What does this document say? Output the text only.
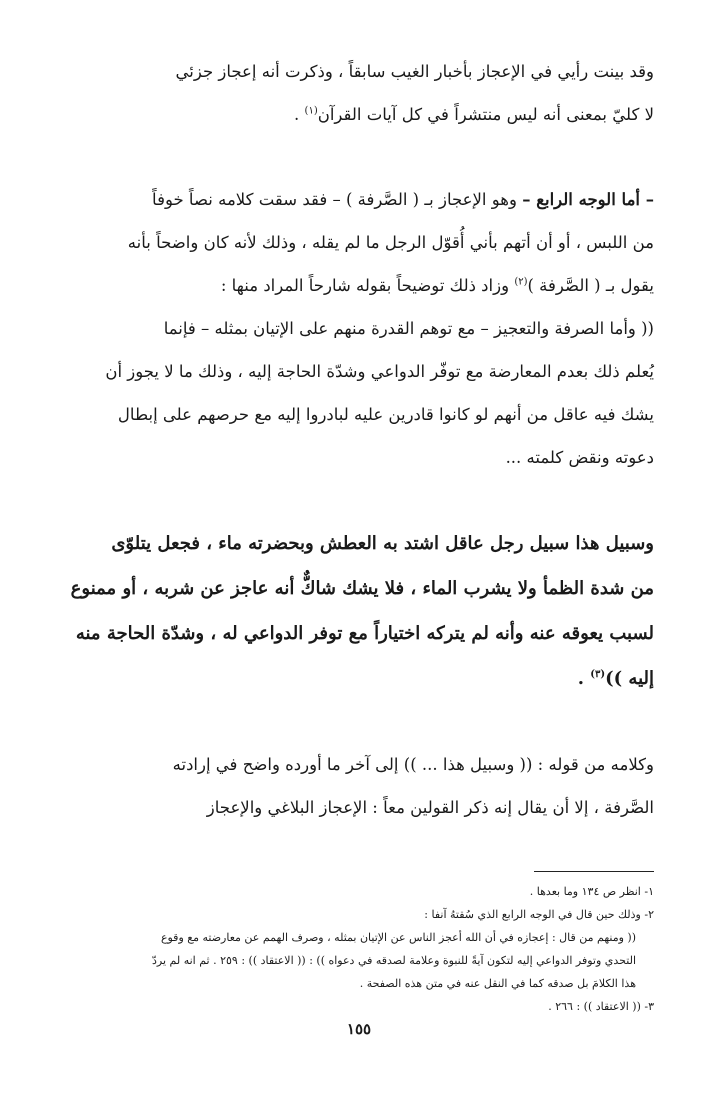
وقد بينت رأيي في الإعجاز بأخبار الغيب سابقاً ، وذكرت أنه إعجاز جزئي
لا كليّ بمعنى أنه ليس منتشراً في كل آيات القرآن$^{(١)}$ .
– أما الوجه الرابع – وهو الإعجاز بـ ( الصَّرفة ) – فقد سقت كلامه نصاً خوفاً
من اللبس ، أو أن أتهم بأني أُقوّل الرجل ما لم يقله ، وذلك لأنه كان واضحاً بأنه
يقول بـ ( الصَّرفة )$^{(٢)}$ وزاد ذلك توضيحاً بقوله شارحاً المراد منها :
(( وأما الصرفة والتعجيز – مع توهم القدرة منهم على الإتيان بمثله – فإنما
يُعلم ذلك بعدم المعارضة مع توفّر الدواعي وشدّة الحاجة إليه ، وذلك ما لا يجوز أن
يشك فيه عاقل من أنهم لو كانوا قادرين عليه لبادروا إليه مع حرصهم على إبطال
دعوته ونقض كلمته ...
وسبيل هذا سبيل رجل عاقل اشتد به العطش وبحضرته ماء ، فجعل يتلوّى
من شدة الظمأ ولا يشرب الماء ، فلا يشك شاكٌّ أنه عاجز عن شربه ، أو ممنوع
لسبب يعوقه عنه وأنه لم يتركه اختياراً مع توفر الدواعي له ، وشدّة الحاجة منه
إليه ))$^{(٣)}$ .
وكلامه من قوله : (( وسبيل هذا ... )) إلى آخر ما أورده واضح في إرادته
الصَّرفة ، إلا أن يقال إنه ذكر القولين معاً : الإعجاز البلاغي والإعجاز
١- انظر ص ١٣٤ وما بعدها .
٢- وذلك حين قال في الوجه الرابع الذي سُقتهُ آنفا :
(( ومنهم من قال : إعجازه في أن الله أعجز الناس عن الإتيان بمثله ، وصرف الهمم عن معارضته مع وقوع
التحدي وتوفر الدواعي إليه لتكون آيةً للنبوة وعلامة لصدقه في دعواه )) : (( الاعتقاد )) : ٢٥٩ . ثم انه لم يردّ
هذا الكلامَ بل صدقه كما في النقل عنه في متن هذه الصفحة .
٣- (( الاعتقاد )) : ٢٦٦ .
١٥٥
